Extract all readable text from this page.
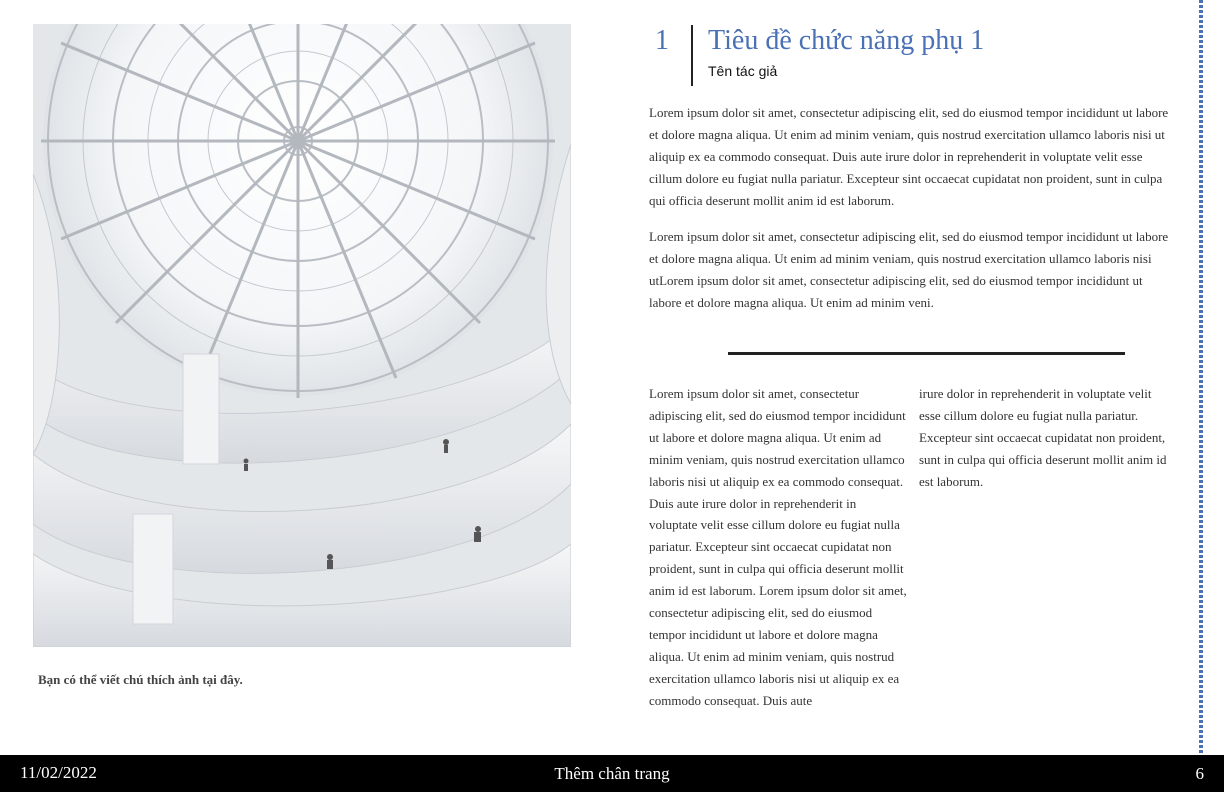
Bạn có thể viết chú thích ảnh tại đây.
1	Tiêu đề chức năng phụ 1
Tên tác giả

Lorem ipsum dolor sit amet, consectetur adipiscing elit, sed do eiusmod tempor incididunt ut labore et dolore magna aliqua. Ut enim ad minim veniam, quis nostrud exercitation ullamco laboris nisi ut aliquip ex ea commodo consequat. Duis aute irure dolor in reprehenderit in voluptate velit esse cillum dolore eu fugiat nulla pariatur. Excepteur sint occaecat cupidatat non proident, sunt in culpa qui officia deserunt mollit anim id est laborum.

Lorem ipsum dolor sit amet, consectetur adipiscing elit, sed do eiusmod tempor incididunt ut labore et dolore magna aliqua. Ut enim ad minim veniam, quis nostrud exercitation ullamco laboris nisi utLorem ipsum dolor sit amet, consectetur adipiscing elit, sed do eiusmod tempor incididunt ut labore et dolore magna aliqua. Ut enim ad minim veni.

Lorem ipsum dolor sit amet, consectetur adipiscing elit, sed do eiusmod tempor incididunt ut labore et dolore magna aliqua. Ut enim ad minim veniam, quis nostrud exercitation ullamco laboris nisi ut aliquip ex ea commodo consequat. Duis aute irure dolor in reprehenderit in voluptate velit esse cillum dolore eu fugiat nulla pariatur. Excepteur sint occaecat cupidatat non proident, sunt in culpa qui officia deserunt mollit anim id est laborum. Lorem ipsum dolor sit amet, consectetur adipiscing elit, sed do eiusmod tempor incididunt ut labore et dolore magna aliqua. Ut enim ad minim veniam, quis nostrud exercitation ullamco laboris nisi ut aliquip ex ea commodo consequat. Duis aute

irure dolor in reprehenderit in voluptate velit esse cillum dolore eu fugiat nulla pariatur. Excepteur sint occaecat cupidatat non proident, sunt in culpa qui officia deserunt mollit anim id est laborum.

11/02/2022	Thêm chân trang	6
